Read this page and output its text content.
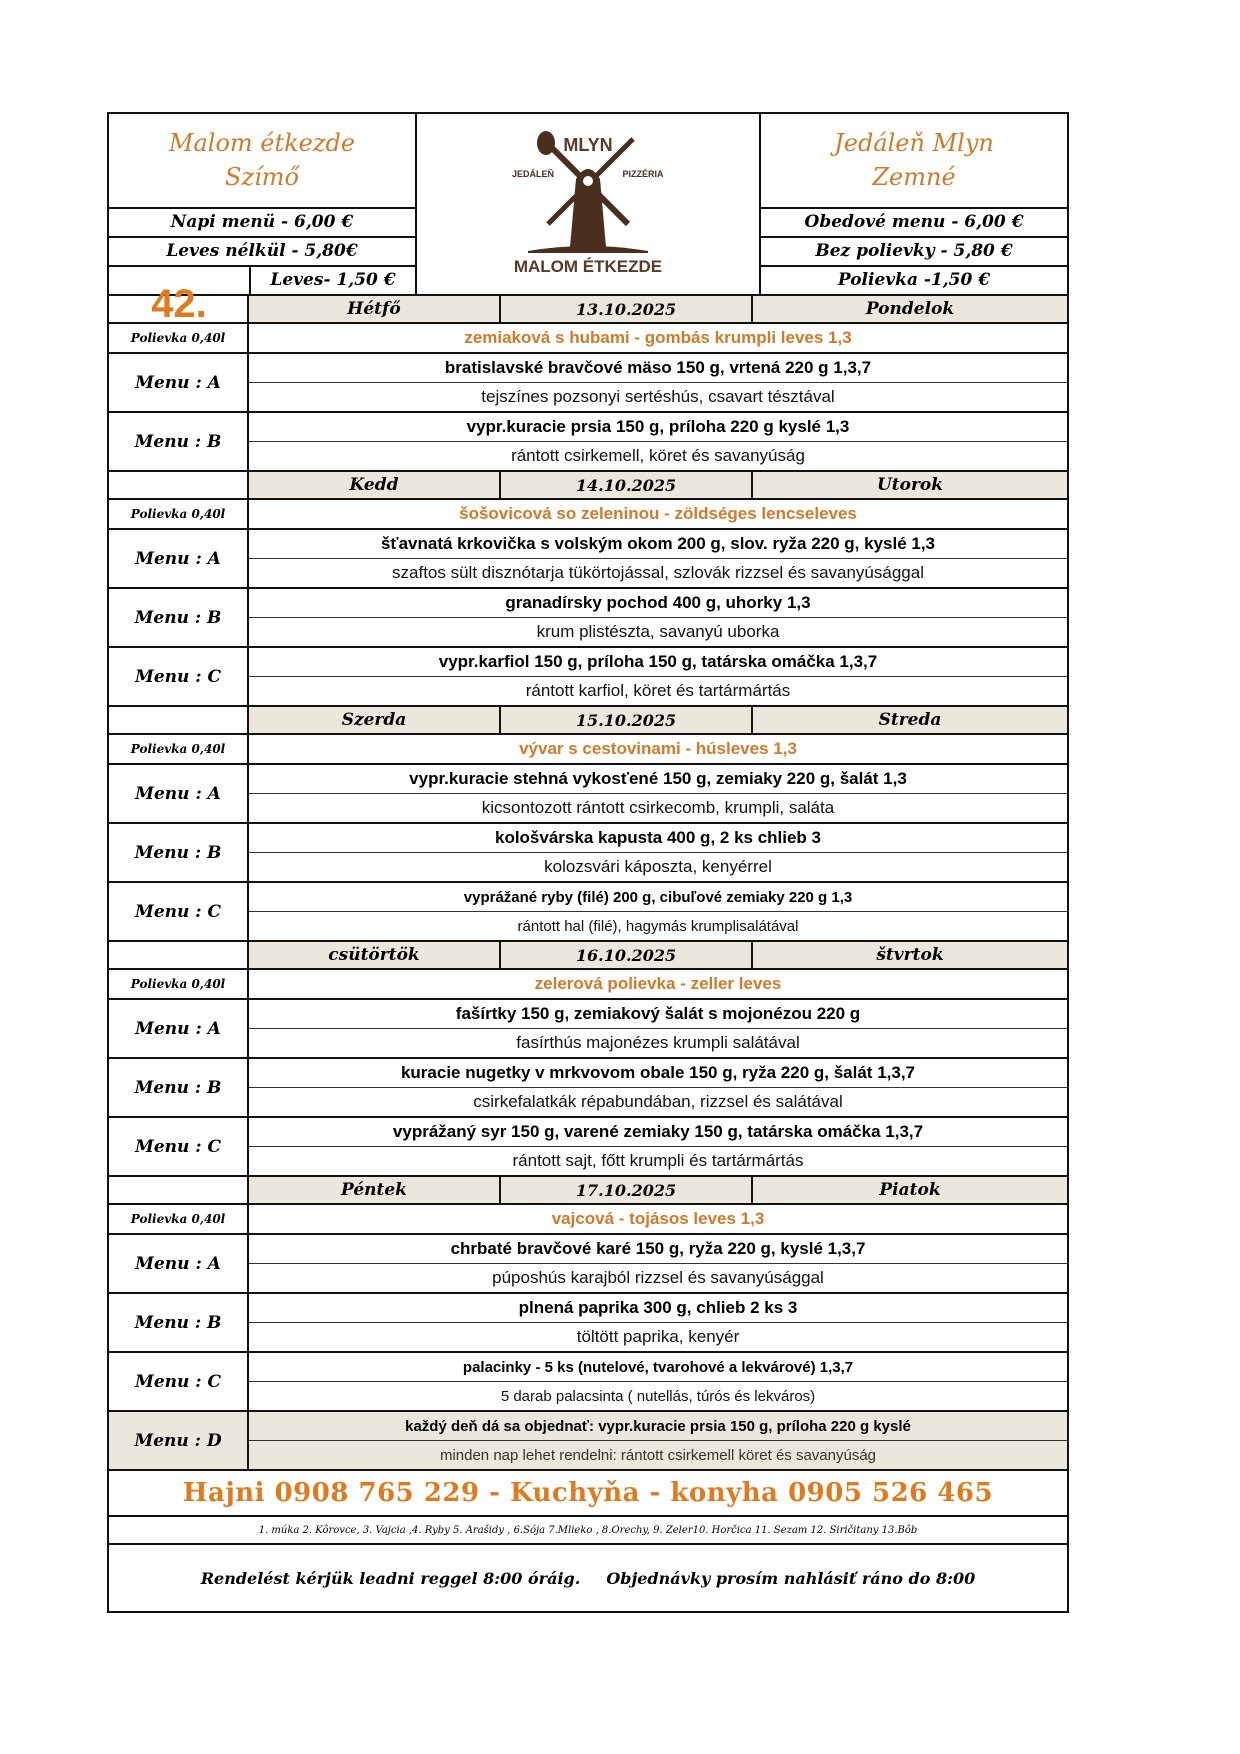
Malom étkezde
Szímő
Napi menü - 6,00 €
Leves nélkül - 5,80€
Leves- 1,50 €
MLYN
JEDÁLEŇ	PIZZÉRIA
MALOM ÉTKEZDE
Jedáleň Mlyn
Zemné
Obedové menu - 6,00 €
Bez polievky - 5,80 €
Polievka -1,50 €
42.	Hétfő	13.10.2025	Pondelok
Polievka 0,40l	zemiaková s hubami - gombás krumpli leves 1,3
Menu : A
bratislavské bravčové mäso 150 g, vrtená 220 g 1,3,7
tejszínes pozsonyi sertéshús, csavart tésztával
Menu : B
vypr.kuracie prsia 150 g, príloha 220 g kyslé 1,3
rántott csirkemell, köret és savanyúság
Kedd	14.10.2025	Utorok
Polievka 0,40l	šošovicová so zeleninou - zöldséges lencseleves
Menu : A
šťavnatá krkovička s volským okom 200 g, slov. ryža 220 g, kyslé 1,3
szaftos sült disznótarja tükörtojással, szlovák rizzsel és savanyúsággal
Menu : B
granadírsky pochod 400 g, uhorky 1,3
krum plistészta, savanyú uborka
Menu : C
vypr.karfiol 150 g, príloha 150 g, tatárska omáčka 1,3,7
rántott karfiol, köret és tartármártás
Szerda	15.10.2025	Streda
Polievka 0,40l	vývar s cestovinami - húsleves 1,3
Menu : A
vypr.kuracie stehná vykosťené 150 g, zemiaky 220 g, šalát 1,3
kicsontozott rántott csirkecomb, krumpli, saláta
Menu : B
kološvárska kapusta 400 g, 2 ks chlieb 3
kolozsvári káposzta, kenyérrel
Menu : C
vyprážané ryby (filé) 200 g, cibuľové zemiaky 220 g 1,3
rántott hal (filé), hagymás krumplisalátával
csütörtök	16.10.2025	štvrtok
Polievka 0,40l	zelerová polievka - zeller leves
Menu : A
fašírtky 150 g, zemiakový šalát s mojonézou 220 g
fasírthús majonézes krumpli salátával
Menu : B
kuracie nugetky v mrkvovom obale 150 g, ryža 220 g, šalát 1,3,7
csirkefalatkák répabundában, rizzsel és salátával
Menu : C
vyprážaný syr 150 g, varené zemiaky 150 g, tatárska omáčka 1,3,7
rántott sajt, főtt krumpli és tartármártás
Péntek	17.10.2025	Piatok
Polievka 0,40l	vajcová - tojásos leves 1,3
Menu : A
chrbaté bravčové karé 150 g, ryža 220 g, kyslé 1,3,7
púposhús karajból rizzsel és savanyúsággal
Menu : B
plnená paprika 300 g, chlieb 2 ks 3
töltött paprika, kenyér
Menu : C
palacinky - 5 ks (nutelové, tvarohové a lekvárové) 1,3,7
5 darab palacsinta ( nutellás, túrós és lekváros)
Menu : D
každý deň dá sa objednať: vypr.kuracie prsia 150 g, príloha 220 g kyslé
minden nap lehet rendelni: rántott csirkemell köret és savanyúság
Hajni 0908 765 229 - Kuchyňa - konyha 0905 526 465
1. múka 2. Kôrovce, 3. Vajcia ,4. Ryby 5. Arašidy , 6.Sója 7.Mlieko , 8.Orechy, 9. Zeler10. Horčica 11. Sezam 12. Siričitany 13.Bôb
Rendelést kérjük leadni reggel 8:00 óráig. Objednávky prosím nahlásiť ráno do 8:00
